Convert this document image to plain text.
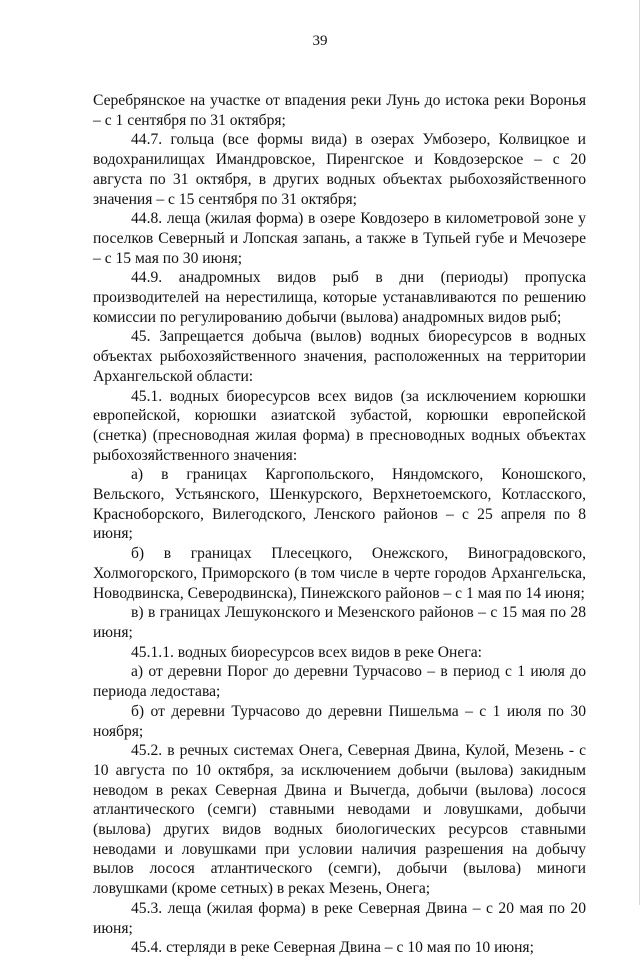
39

Серебрянское на участке от впадения реки Лунь до истока реки Воронья – с 1 сентября по 31 октября;

44.7. гольца (все формы вида) в озерах Умбозеро, Колвицкое и водохранилищах Имандровское, Пиренгское и Ковдозерское – с 20 августа по 31 октября, в других водных объектах рыбохозяйственного значения – с 15 сентября по 31 октября;

44.8. леща (жилая форма) в озере Ковдозеро в километровой зоне у поселков Северный и Лопская запань, а также в Тупьей губе и Мечозере – с 15 мая по 30 июня;

44.9. анадромных видов рыб в дни (периоды) пропуска производителей на нерестилища, которые устанавливаются по решению комиссии по регулированию добычи (вылова) анадромных видов рыб;

45. Запрещается добыча (вылов) водных биоресурсов в водных объектах рыбохозяйственного значения, расположенных на территории Архангельской области:

45.1. водных биоресурсов всех видов (за исключением корюшки европейской, корюшки азиатской зубастой, корюшки европейской (снетка) (пресноводная жилая форма) в пресноводных водных объектах рыбохозяйственного значения:

а) в границах Каргопольского, Няндомского, Коношского, Вельского, Устьянского, Шенкурского, Верхнетоемского, Котласского, Красноборского, Вилегодского, Ленского районов – с 25 апреля по 8 июня;

б) в границах Плесецкого, Онежского, Виноградовского, Холмогорского, Приморского (в том числе в черте городов Архангельска, Новодвинска, Северодвинска), Пинежского районов – с 1 мая по 14 июня;

в) в границах Лешуконского и Мезенского районов – с 15 мая по 28 июня;

45.1.1. водных биоресурсов всех видов в реке Онега:

а) от деревни Порог до деревни Турчасово – в период с 1 июля до периода ледостава;

б) от деревни Турчасово до деревни Пишельма – с 1 июля по 30 ноября;

45.2. в речных системах Онега, Северная Двина, Кулой, Мезень - с 10 августа по 10 октября, за исключением добычи (вылова) закидным неводом в реках Северная Двина и Вычегда, добычи (вылова) лосося атлантического (семги) ставными неводами и ловушками, добычи (вылова) других видов водных биологических ресурсов ставными неводами и ловушками при условии наличия разрешения на добычу вылов лосося атлантического (семги), добычи (вылова) миноги ловушками (кроме сетных) в реках Мезень, Онега;

45.3. леща (жилая форма) в реке Северная Двина – с 20 мая по 20 июня;

45.4. стерляди в реке Северная Двина – с 10 мая по 10 июня;
